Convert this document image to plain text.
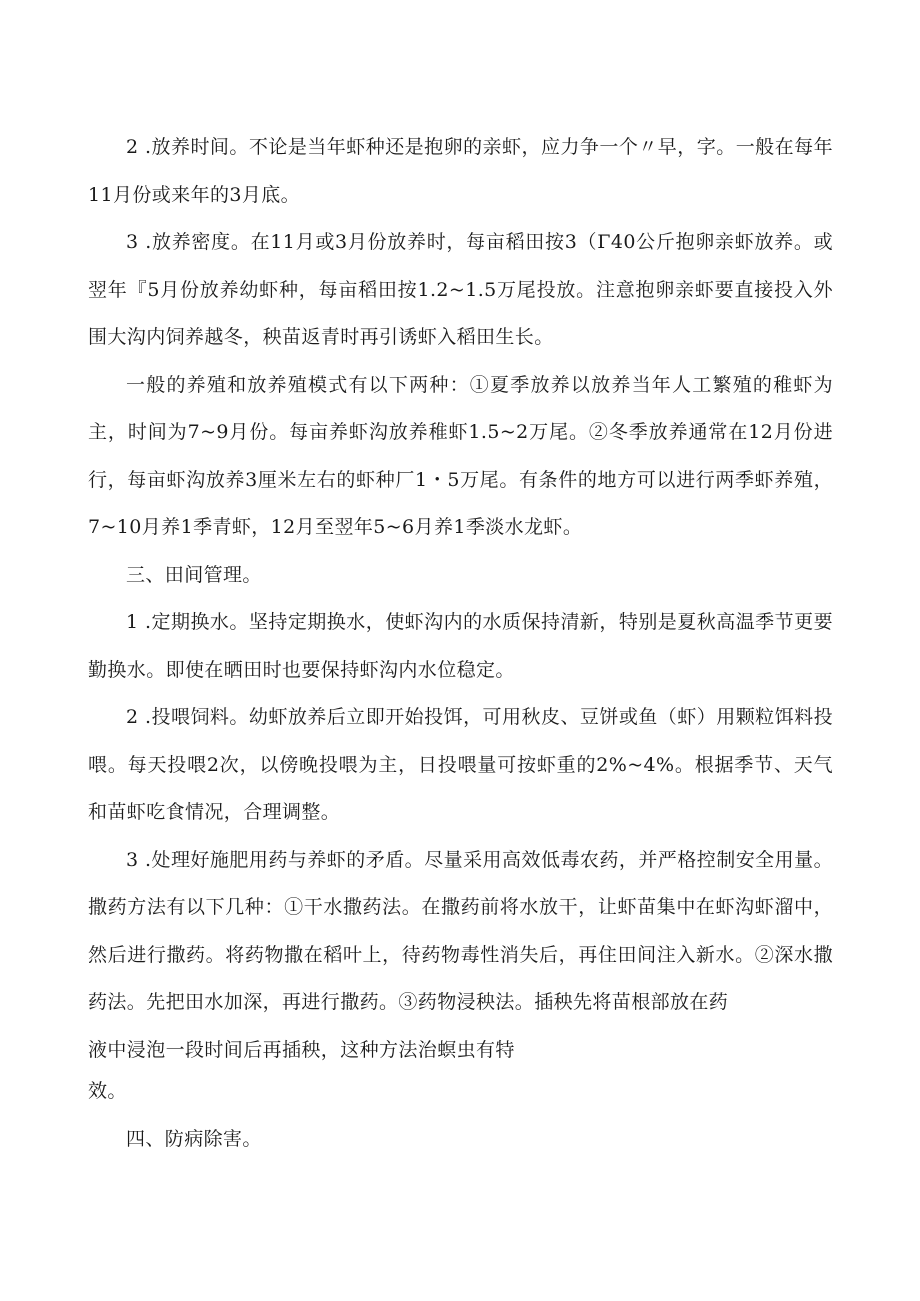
2 .放养时间。不论是当年虾种还是抱卵的亲虾，应力争一个〃早，字。一般在每年11月份或来年的3月底。

3 .放养密度。在11月或3月份放养时，每亩稻田按3（Γ40公斤抱卵亲虾放养。或翌年『5月份放养幼虾种，每亩稻田按1.2~1.5万尾投放。注意抱卵亲虾要直接投入外围大沟内饲养越冬，秧苗返青时再引诱虾入稻田生长。

一般的养殖和放养殖模式有以下两种：①夏季放养以放养当年人工繁殖的稚虾为主，时间为7~9月份。每亩养虾沟放养稚虾1.5~2万尾。②冬季放养通常在12月份进行，每亩虾沟放养3厘米左右的虾种厂1・5万尾。有条件的地方可以进行两季虾养殖，7~10月养1季青虾，12月至翌年5~6月养1季淡水龙虾。

三、田间管理。

1 .定期换水。坚持定期换水，使虾沟内的水质保持清新，特别是夏秋高温季节更要勤换水。即使在晒田时也要保持虾沟内水位稳定。

2 .投喂饲料。幼虾放养后立即开始投饵，可用秋皮、豆饼或鱼（虾）用颗粒饵料投喂。每天投喂2次，以傍晚投喂为主，日投喂量可按虾重的2%~4%。根据季节、天气和苗虾吃食情况，合理调整。

3 .处理好施肥用药与养虾的矛盾。尽量采用高效低毒农药，并严格控制安全用量。撒药方法有以下几种：①干水撒药法。在撒药前将水放干，让虾苗集中在虾沟虾溜中，然后进行撒药。将药物撒在稻叶上，待药物毒性消失后，再住田间注入新水。②深水撒药法。先把田水加深，再进行撒药。③药物浸秧法。插秧先将苗根部放在药

液中浸泡一段时间后再插秧，这种方法治螟虫有特
效。

四、防病除害。
